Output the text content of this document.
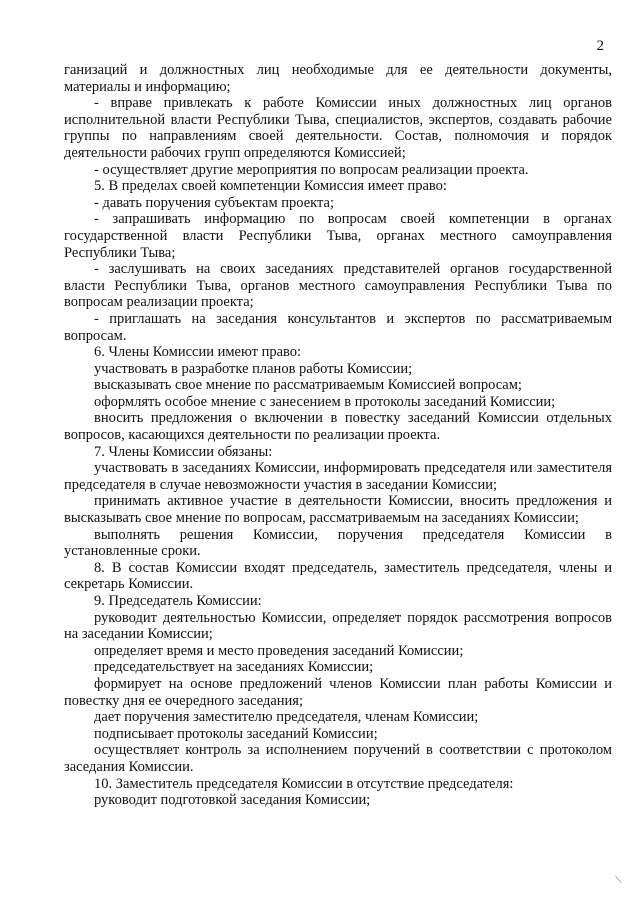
2

ганизаций и должностных лиц необходимые для ее деятельности документы, материалы и информацию;

- вправе привлекать к работе Комиссии иных должностных лиц органов исполнительной власти Республики Тыва, специалистов, экспертов, создавать рабочие группы по направлениям своей деятельности. Состав, полномочия и порядок деятельности рабочих групп определяются Комиссией;

- осуществляет другие мероприятия по вопросам реализации проекта.

5. В пределах своей компетенции Комиссия имеет право:

- давать поручения субъектам проекта;

- запрашивать информацию по вопросам своей компетенции в органах государственной власти Республики Тыва, органах местного самоуправления Республики Тыва;

- заслушивать на своих заседаниях представителей органов государственной власти Республики Тыва, органов местного самоуправления Республики Тыва по вопросам реализации проекта;

- приглашать на заседания консультантов и экспертов по рассматриваемым вопросам.

6. Члены Комиссии имеют право:

участвовать в разработке планов работы Комиссии;

высказывать свое мнение по рассматриваемым Комиссией вопросам;

оформлять особое мнение с занесением в протоколы заседаний Комиссии;

вносить предложения о включении в повестку заседаний Комиссии отдельных вопросов, касающихся деятельности по реализации проекта.

7. Члены Комиссии обязаны:

участвовать в заседаниях Комиссии, информировать председателя или заместителя председателя в случае невозможности участия в заседании Комиссии;

принимать активное участие в деятельности Комиссии, вносить предложения и высказывать свое мнение по вопросам, рассматриваемым на заседаниях Комиссии;

выполнять решения Комиссии, поручения председателя Комиссии в установленные сроки.

8. В состав Комиссии входят председатель, заместитель председателя, члены и секретарь Комиссии.

9. Председатель Комиссии:

руководит деятельностью Комиссии, определяет порядок рассмотрения вопросов на заседании Комиссии;

определяет время и место проведения заседаний Комиссии;

председательствует на заседаниях Комиссии;

формирует на основе предложений членов Комиссии план работы Комиссии и повестку дня ее очередного заседания;

дает поручения заместителю председателя, членам Комиссии;

подписывает протоколы заседаний Комиссии;

осуществляет контроль за исполнением поручений в соответствии с протоколом заседания Комиссии.

10. Заместитель председателя Комиссии в отсутствие председателя:

руководит подготовкой заседания Комиссии;

/
